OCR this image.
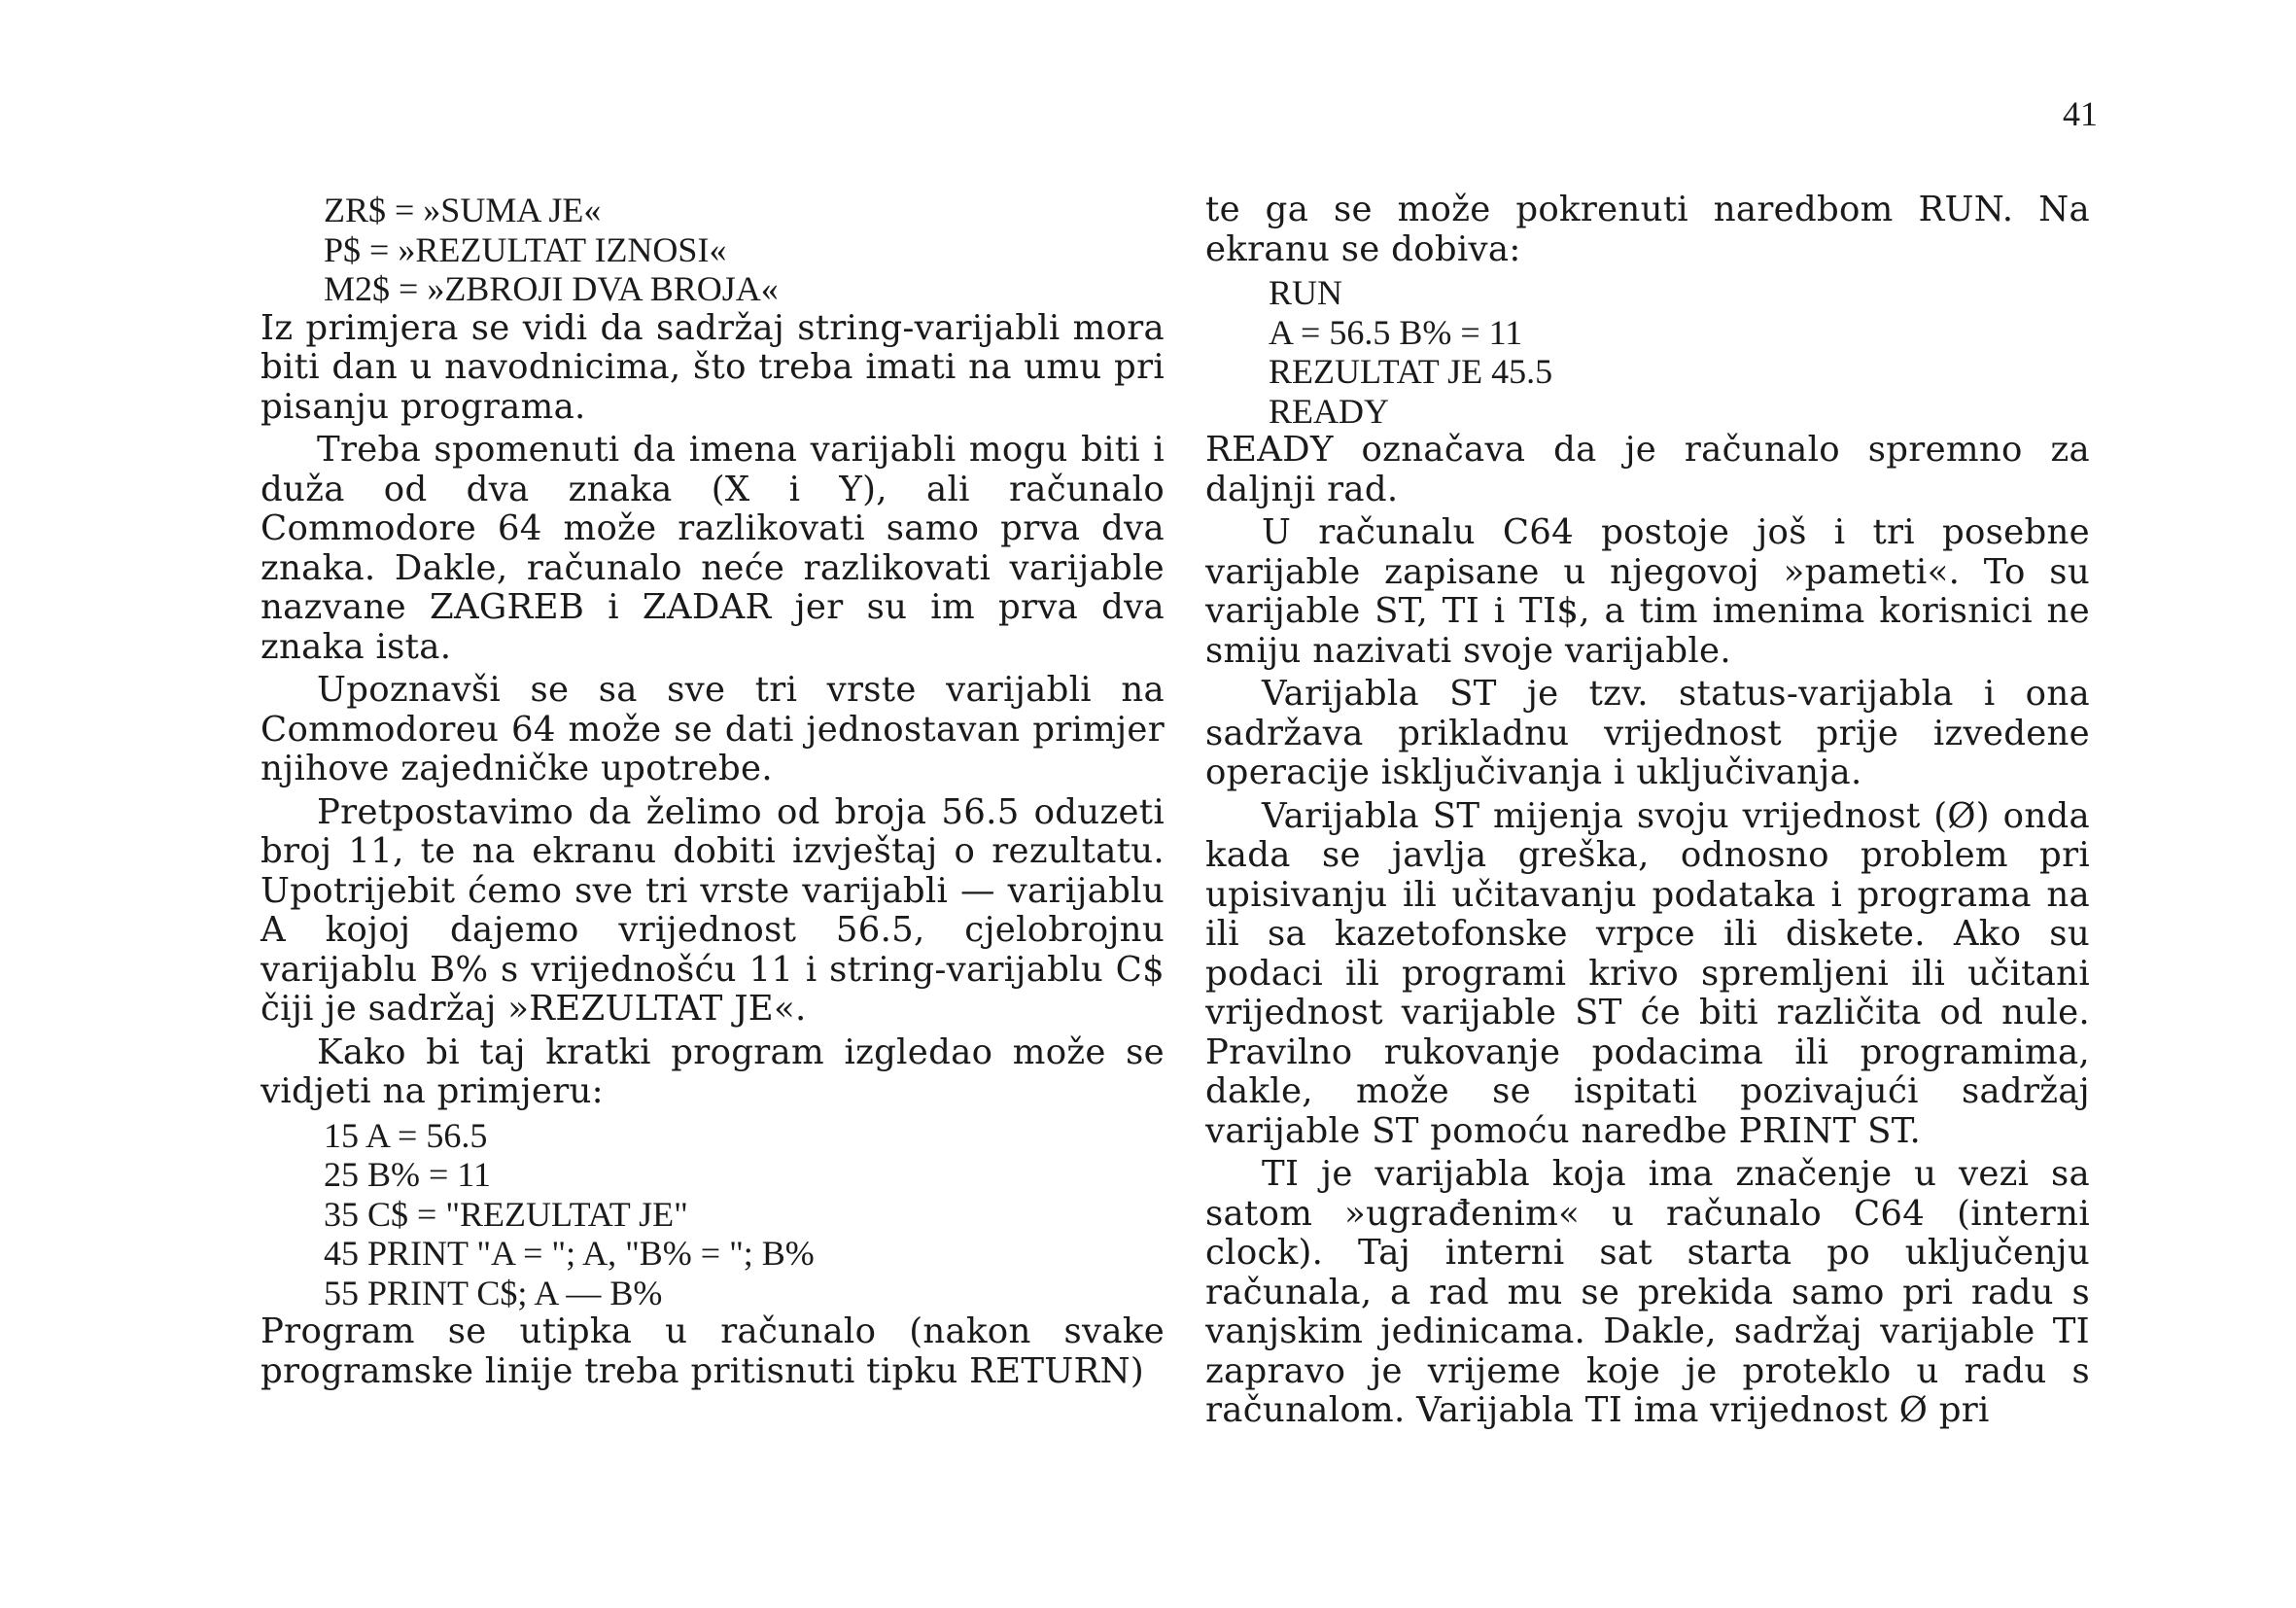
41
ZR$ = »SUMA JE«
P$ = »REZULTAT IZNOSI«
M2$ = »ZBROJI DVA BROJA«

Iz primjera se vidi da sadržaj string-varijabli mora biti dan u navodnicima, što treba imati na umu pri pisanju programa.

Treba spomenuti da imena varijabli mogu biti i duža od dva znaka (X i Y), ali računalo Commodore 64 može razlikovati samo prva dva znaka. Dakle, računalo neće razlikovati varijable nazvane ZAGREB i ZADAR jer su im prva dva znaka ista.

Upoznavši se sa sve tri vrste varijabli na Commodoreu 64 može se dati jednostavan primjer njihove zajedničke upotrebe.

Pretpostavimo da želimo od broja 56.5 oduzeti broj 11, te na ekranu dobiti izvještaj o rezultatu. Upotrijebit ćemo sve tri vrste varijabli — varijablu A kojoj dajemo vrijednost 56.5, cjelobrojnu varijablu B% s vrijednošću 11 i string-varijablu C$ čiji je sadržaj »REZULTAT JE«.

Kako bi taj kratki program izgledao može se vidjeti na primjeru:

15 A = 56.5
25 B% = 11
35 C$ = "REZULTAT JE"
45 PRINT "A = "; A, "B% = "; B%
55 PRINT C$; A — B%

Program se utipka u računalo (nakon svake programske linije treba pritisnuti tipku RETURN)

te ga se može pokrenuti naredbom RUN. Na ekranu se dobiva:

RUN
A = 56.5 B% = 11
REZULTAT JE 45.5
READY

READY označava da je računalo spremno za daljnji rad.

U računalu C64 postoje još i tri posebne varijable zapisane u njegovoj »pameti«. To su varijable ST, TI i TI$, a tim imenima korisnici ne smiju nazivati svoje varijable.

Varijabla ST je tzv. status-varijabla i ona sadržava prikladnu vrijednost prije izvedene operacije isključivanja i uključivanja.

Varijabla ST mijenja svoju vrijednost (Ø) onda kada se javlja greška, odnosno problem pri upisivanju ili učitavanju podataka i programa na ili sa kazetofonske vrpce ili diskete. Ako su podaci ili programi krivo spremljeni ili učitani vrijednost varijable ST će biti različita od nule. Pravilno rukovanje podacima ili programima, dakle, može se ispitati pozivajući sadržaj varijable ST pomoću naredbe PRINT ST.

TI je varijabla koja ima značenje u vezi sa satom »ugrađenim« u računalo C64 (interni clock). Taj interni sat starta po uključenju računala, a rad mu se prekida samo pri radu s vanjskim jedinicama. Dakle, sadržaj varijable TI zapravo je vrijeme koje je proteklo u radu s računalom. Varijabla TI ima vrijednost Ø pri
